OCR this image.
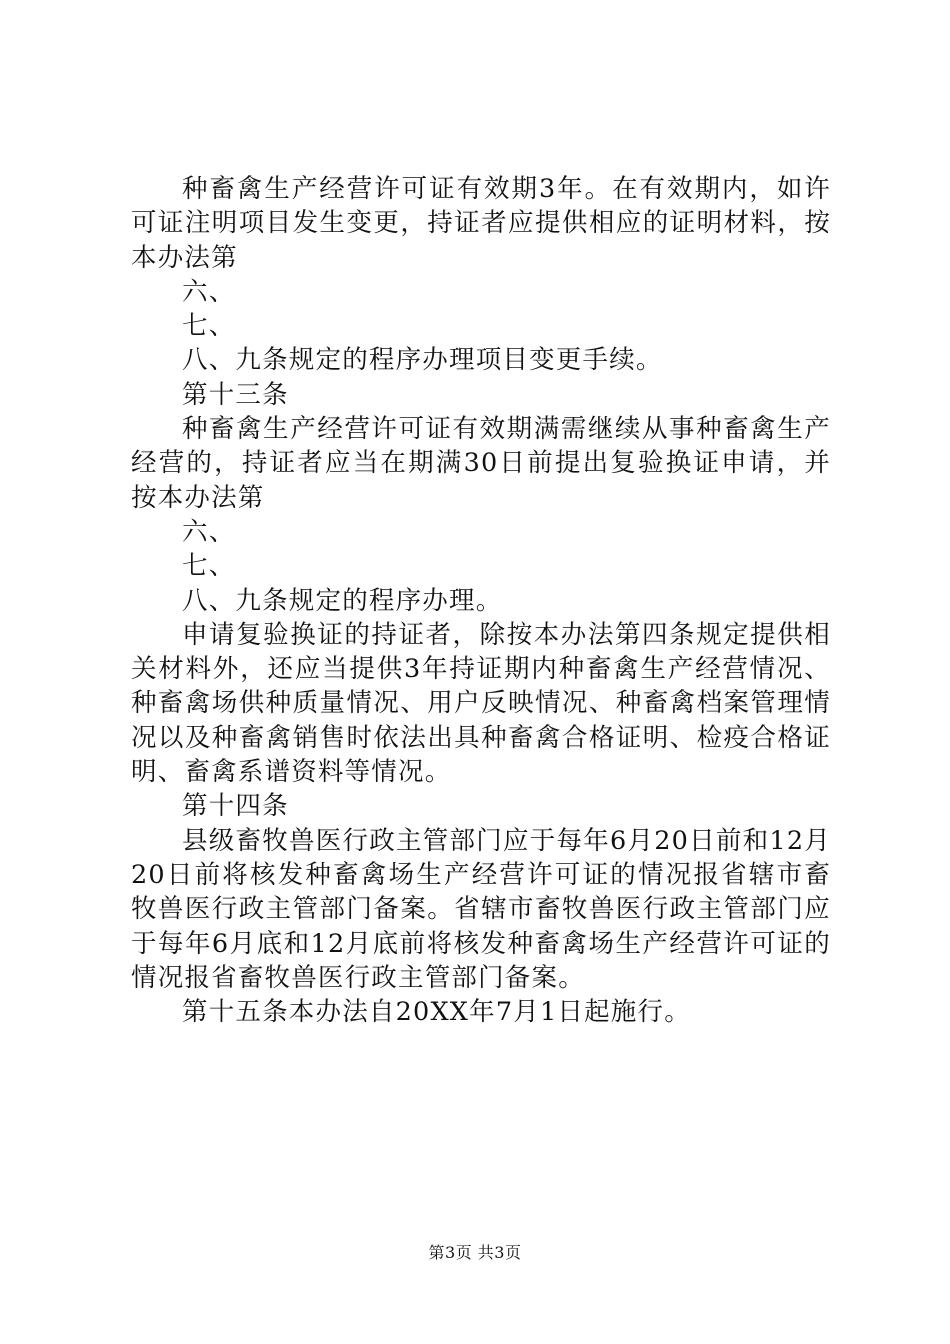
种畜禽生产经营许可证有效期3年。在有效期内，如许可证注明项目发生变更，持证者应提供相应的证明材料，按本办法第

六、

七、

八、九条规定的程序办理项目变更手续。

第十三条

种畜禽生产经营许可证有效期满需继续从事种畜禽生产经营的，持证者应当在期满30日前提出复验换证申请，并按本办法第

六、

七、

八、九条规定的程序办理。

申请复验换证的持证者，除按本办法第四条规定提供相关材料外，还应当提供3年持证期内种畜禽生产经营情况、种畜禽场供种质量情况、用户反映情况、种畜禽档案管理情况以及种畜禽销售时依法出具种畜禽合格证明、检疫合格证明、畜禽系谱资料等情况。

第十四条

县级畜牧兽医行政主管部门应于每年6月20日前和12月20日前将核发种畜禽场生产经营许可证的情况报省辖市畜牧兽医行政主管部门备案。省辖市畜牧兽医行政主管部门应于每年6月底和12月底前将核发种畜禽场生产经营许可证的情况报省畜牧兽医行政主管部门备案。

第十五条本办法自20XX年7月1日起施行。

第3页 共3页
